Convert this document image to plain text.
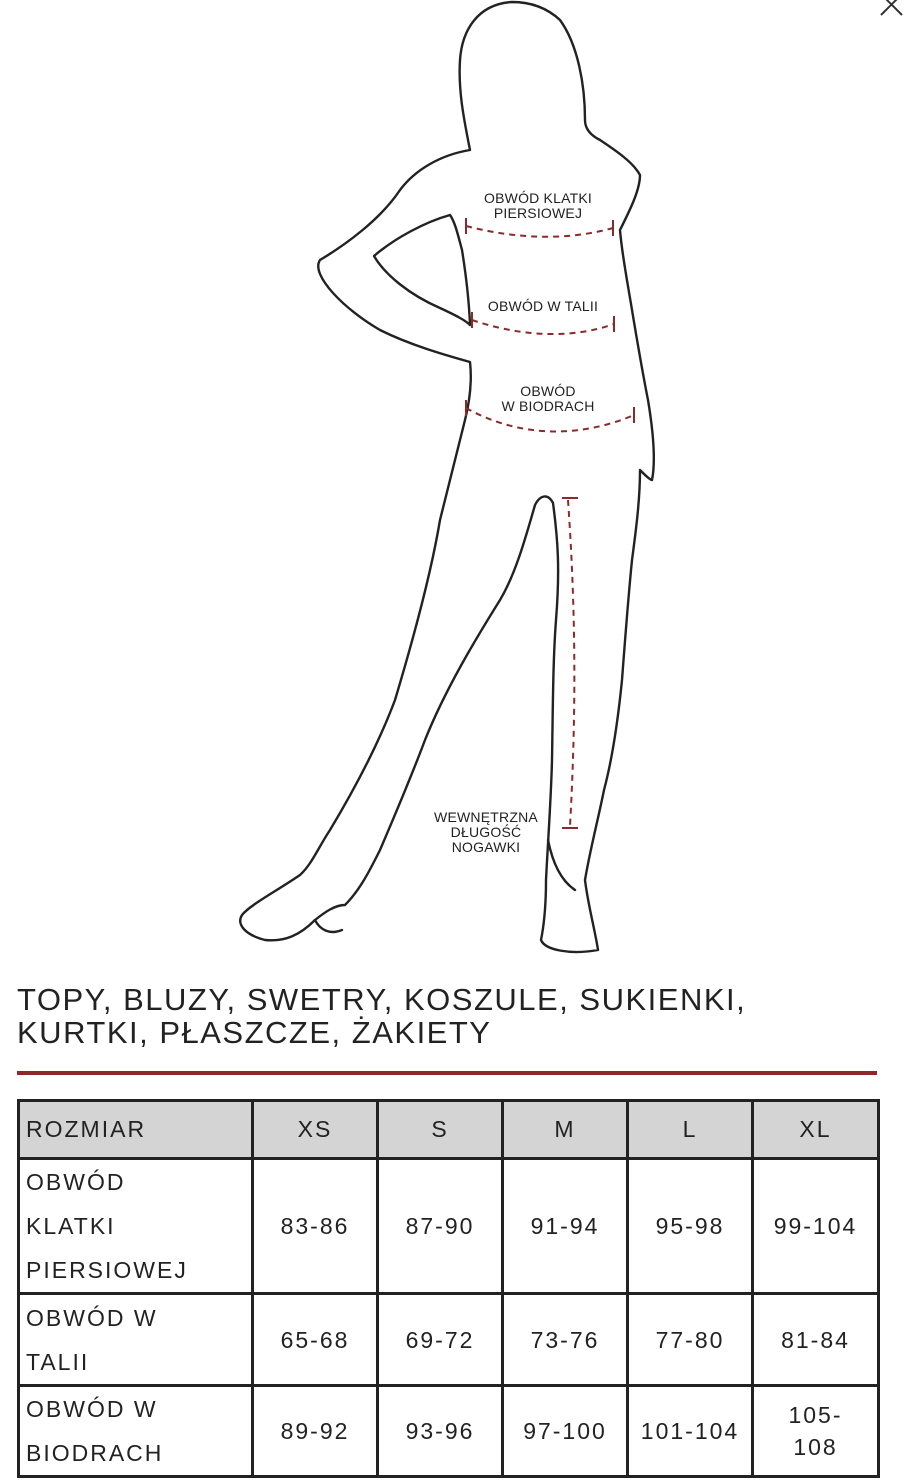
OBWÓD KLATKI
PIERSIOWEJ
OBWÓD W TALII
OBWÓD
W BIODRACH
WEWNĘTRZNA
DŁUGOŚĆ
NOGAWKI
TOPY, BLUZY, SWETRY, KOSZULE, SUKIENKI,
KURTKI, PŁASZCZE, ŻAKIETY
ROZMIAR	XS	S	M	L	XL

OBWÓD
KLATKI
PIERSIOWEJ	83-86	87-90	91-94	95-98	99-104

OBWÓD W
TALII	65-68	69-72	73-76	77-80	81-84

OBWÓD W
BIODRACH	89-92	93-96	97-100	101-104	105-108
